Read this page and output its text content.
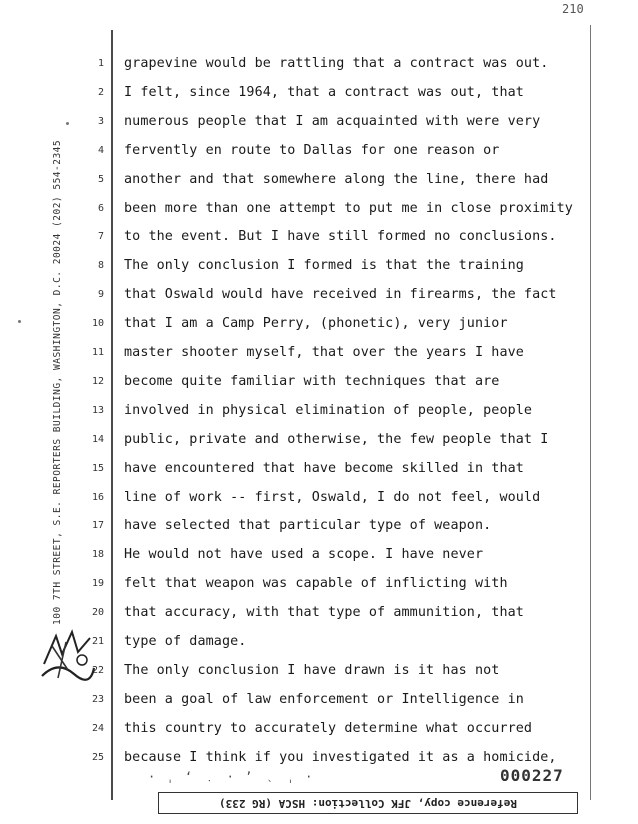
210
100 7TH STREET, S.E. REPORTERS BUILDING, WASHINGTON, D.C. 20024 (202) 554-2345
1 grapevine would be rattling that a contract was out.
2 I felt, since 1964, that a contract was out, that
3 numerous people that I am acquainted with were very
4 fervently en route to Dallas for one reason or
5 another and that somewhere along the line, there had
6 been more than one attempt to put me in close proximity
7 to the event. But I have still formed no conclusions.
8 The only conclusion I formed is that the training
9 that Oswald would have received in firearms, the fact
10 that I am a Camp Perry, (phonetic), very junior
11 master shooter myself, that over the years I have
12 become quite familiar with techniques that are
13 involved in physical elimination of people, people
14 public, private and otherwise, the few people that I
15 have encountered that have become skilled in that
16 line of work -- first, Oswald, I do not feel, would
17 have selected that particular type of weapon.
18 He would not have used a scope. I have never
19 felt that weapon was capable of inflicting with
20 that accuracy, with that type of ammunition, that
21 type of damage.
22 The only conclusion I have drawn is it has not
23 been a goal of law enforcement or Intelligence in
24 this country to accurately determine what occurred
25 because I think if you investigated it as a homicide,
· ˌ ʻ ﹒ · ʼ ﹑ ˌ ·	000227
Reference copy, JFK Collection: HSCA (RG 233)
